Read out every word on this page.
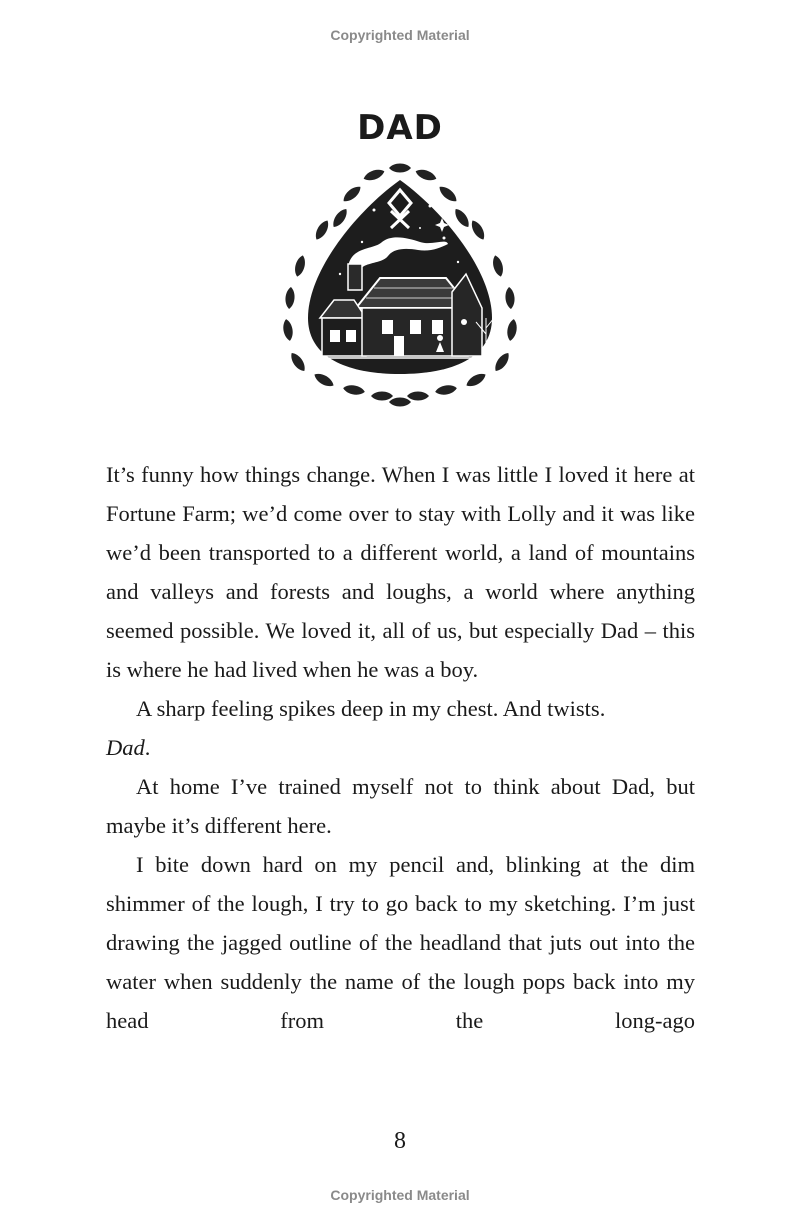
Copyrighted Material
DAD

It’s funny how things change. When I was little I loved it here at Fortune Farm; we’d come over to stay with Lolly and it was like we’d been transported to a different world, a land of mountains and valleys and forests and loughs, a world where anything seemed possible. We loved it, all of us, but especially Dad – this is where he had lived when he was a boy.

A sharp feeling spikes deep in my chest. And twists.
Dad.

At home I’ve trained myself not to think about Dad, but maybe it’s different here.

I bite down hard on my pencil and, blinking at the dim shimmer of the lough, I try to go back to my sketching. I’m just drawing the jagged outline of the headland that juts out into the water when suddenly the name of the lough pops back into my head from the long-ago

8
Copyrighted Material
